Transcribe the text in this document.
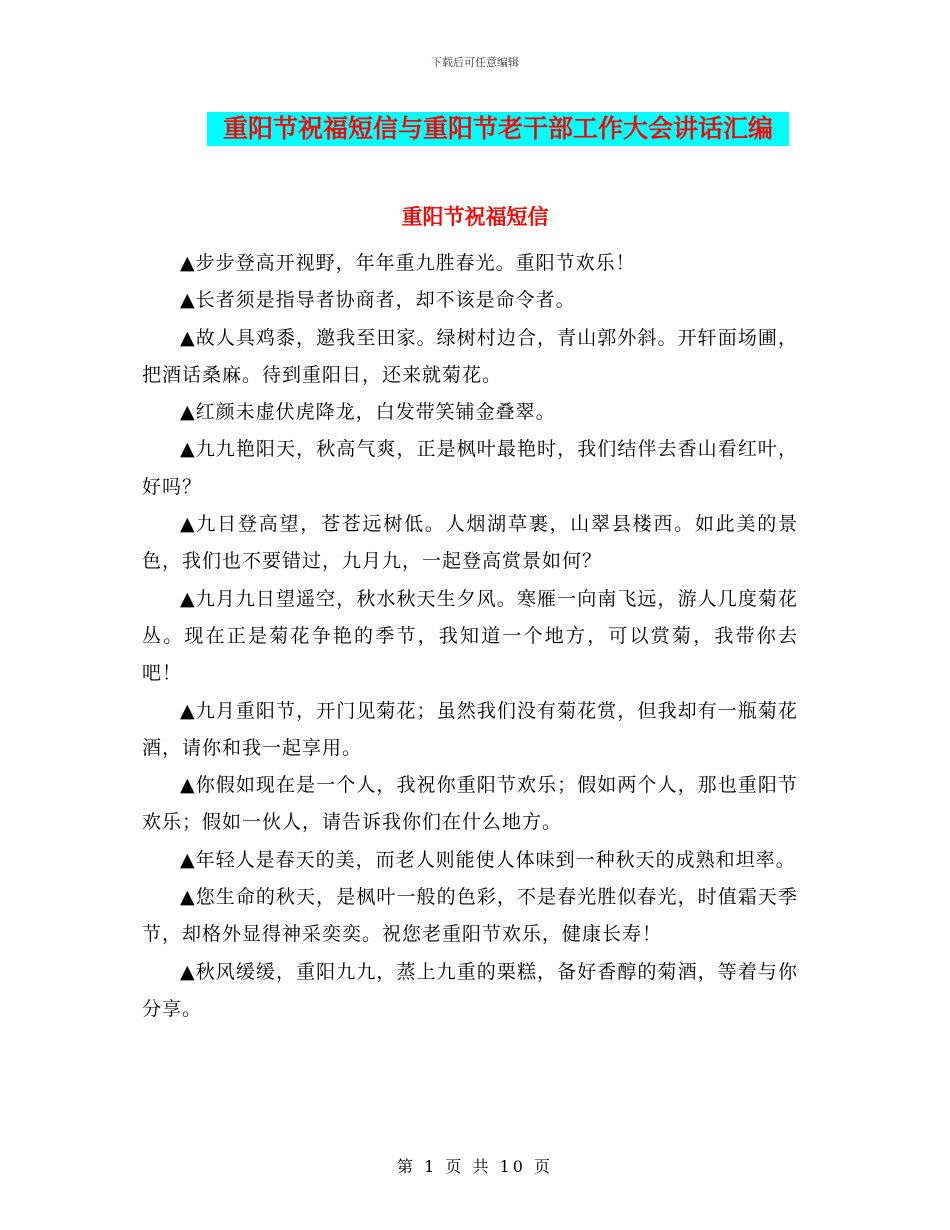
下载后可任意编辑
重阳节祝福短信与重阳节老干部工作大会讲话汇编
重阳节祝福短信

▲步步登高开视野，年年重九胜春光。重阳节欢乐！

▲长者须是指导者协商者，却不该是命令者。

▲故人具鸡黍，邀我至田家。绿树村边合，青山郭外斜。开轩面场圃，把酒话桑麻。待到重阳日，还来就菊花。

▲红颜未虚伏虎降龙，白发带笑铺金叠翠。

▲九九艳阳天，秋高气爽，正是枫叶最艳时，我们结伴去香山看红叶，好吗？

▲九日登高望，苍苍远树低。人烟湖草裹，山翠县楼西。如此美的景色，我们也不要错过，九月九，一起登高赏景如何？

▲九月九日望遥空，秋水秋天生夕风。寒雁一向南飞远，游人几度菊花丛。现在正是菊花争艳的季节，我知道一个地方，可以赏菊，我带你去吧！

▲九月重阳节，开门见菊花；虽然我们没有菊花赏，但我却有一瓶菊花酒，请你和我一起享用。

▲你假如现在是一个人，我祝你重阳节欢乐；假如两个人，那也重阳节欢乐；假如一伙人，请告诉我你们在什么地方。

▲年轻人是春天的美，而老人则能使人体味到一种秋天的成熟和坦率。

▲您生命的秋天，是枫叶一般的色彩，不是春光胜似春光，时值霜天季节，却格外显得神采奕奕。祝您老重阳节欢乐，健康长寿！

▲秋风缓缓，重阳九九，蒸上九重的栗糕，备好香醇的菊酒，等着与你分享。

第 1 页 共 10 页
